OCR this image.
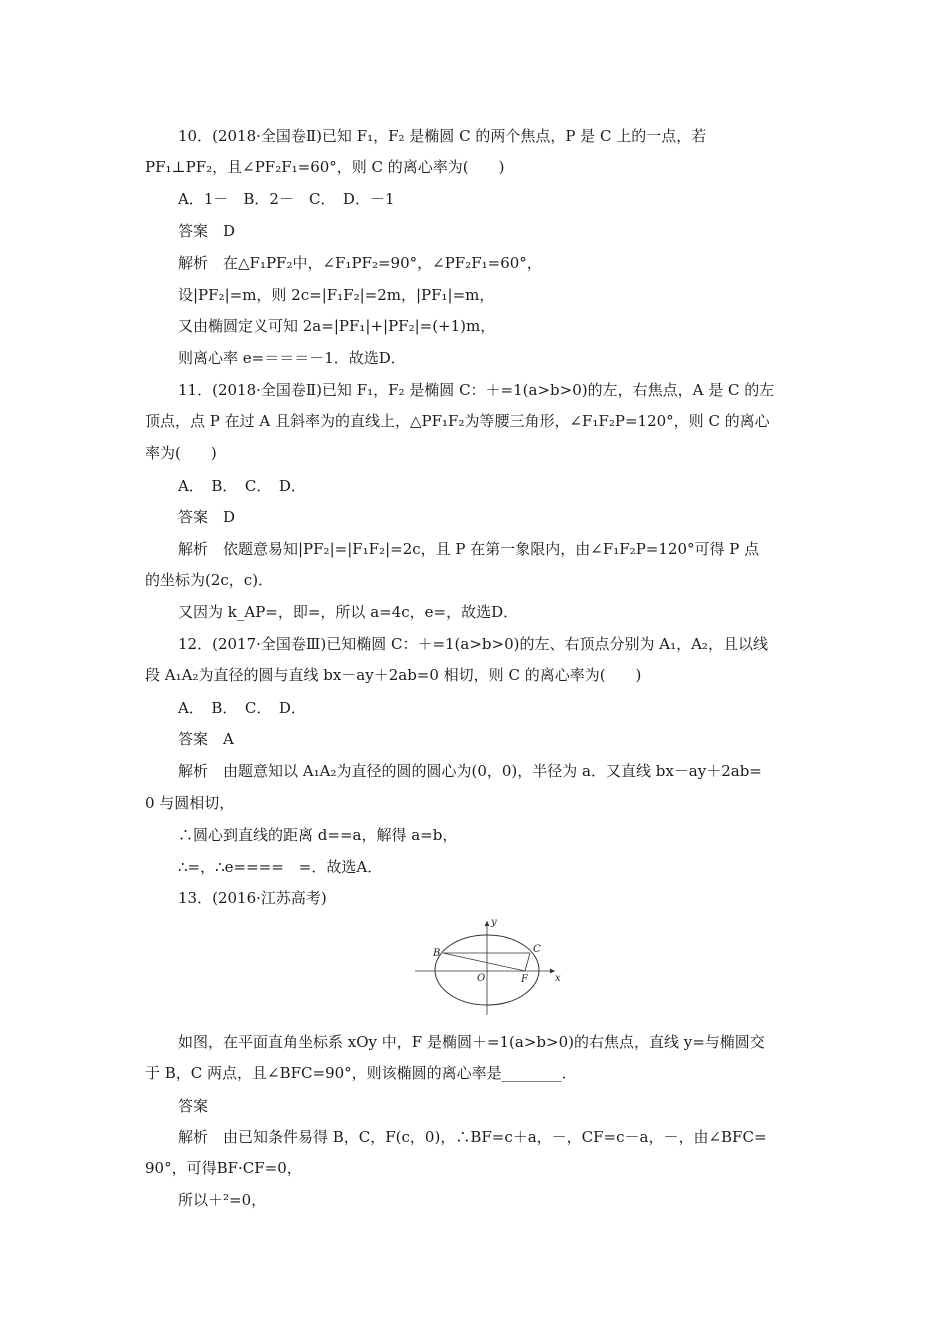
10．(2018·全国卷Ⅱ)已知 F₁，F₂ 是椭圆 C 的两个焦点，P 是 C 上的一点，若
PF₁⊥PF₂，且∠PF₂F₁=60°，则 C 的离心率为(　　)
A．1－　B．2－　C．　D．－1
答案　D
解析　在△F₁PF₂中，∠F₁PF₂=90°，∠PF₂F₁=60°，
设|PF₂|=m，则 2c=|F₁F₂|=2m，|PF₁|=m，
又由椭圆定义可知 2a=|PF₁|+|PF₂|=(+1)m，
则离心率 e=＝＝＝－1．故选D．
11．(2018·全国卷Ⅱ)已知 F₁，F₂ 是椭圆 C：＋=1(a>b>0)的左，右焦点，A 是 C 的左
顶点，点 P 在过 A 且斜率为的直线上，△PF₁F₂为等腰三角形，∠F₁F₂P=120°，则 C 的离心
率为(　　)
A．　B．　C．　D．
答案　D
解析　依题意易知|PF₂|=|F₁F₂|=2c，且 P 在第一象限内，由∠F₁F₂P=120°可得 P 点
的坐标为(2c，c)．
又因为 k_AP=，即=，所以 a=4c，e=，故选D．
12．(2017·全国卷Ⅲ)已知椭圆 C：＋=1(a>b>0)的左、右顶点分别为 A₁，A₂，且以线
段 A₁A₂为直径的圆与直线 bx－ay＋2ab=0 相切，则 C 的离心率为(　　)
A．　B．　C．　D．
答案　A
解析　由题意知以 A₁A₂为直径的圆的圆心为(0，0)，半径为 a．又直线 bx－ay＋2ab=
0 与圆相切，
∴圆心到直线的距离 d==a，解得 a=b，
∴=，∴e====　=．故选A．
13．(2016·江苏高考)
B	C
O	F	x
y
如图，在平面直角坐标系 xOy 中，F 是椭圆＋=1(a>b>0)的右焦点，直线 y=与椭圆交
于 B，C 两点，且∠BFC=90°，则该椭圆的离心率是________．
答案
解析　由已知条件易得 B，C，F(c，0)，∴BF=c＋a，－，CF=c－a，－，由∠BFC=
90°，可得BF·CF=0，
所以＋²=0，
